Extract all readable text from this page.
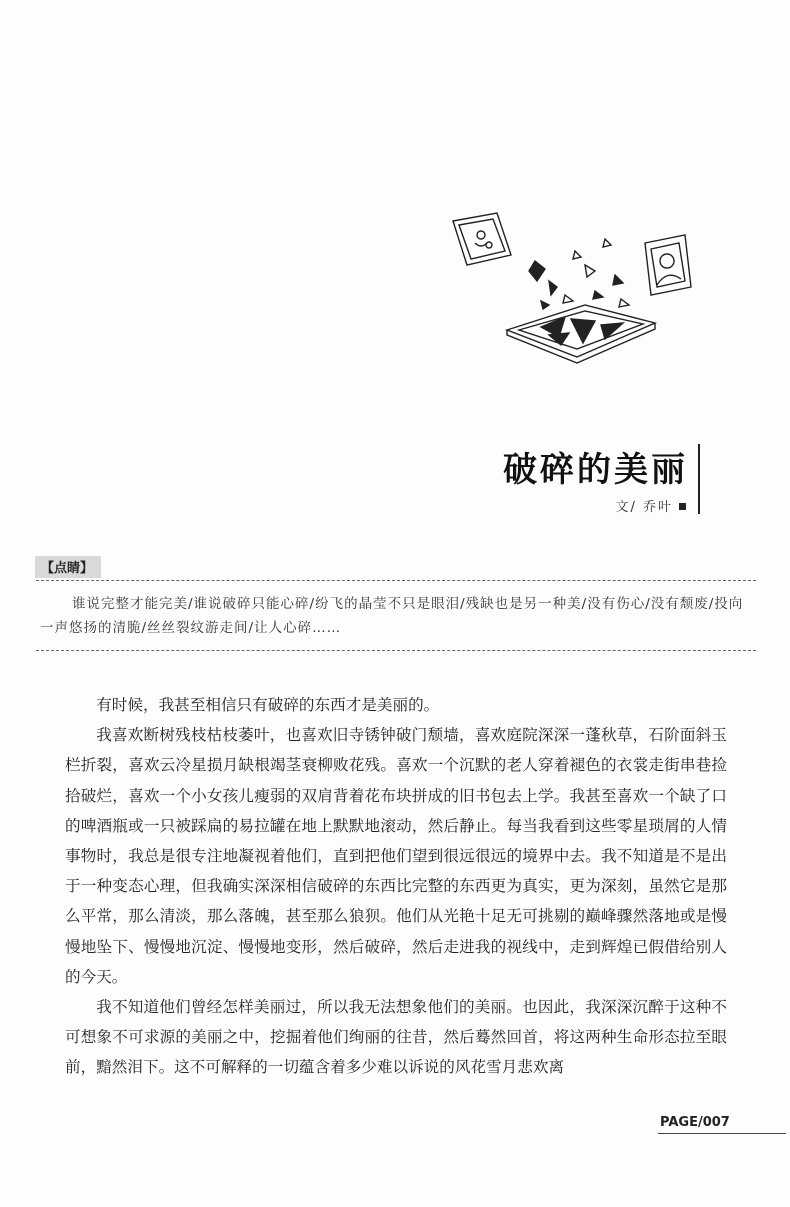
破碎的美丽
文/ 乔叶
【点睛】

谁说完整才能完美/谁说破碎只能心碎/纷飞的晶莹不只是眼泪/残缺也是另一种美/没有伤心/没有颓废/投向一声悠扬的清脆/丝丝裂纹游走间/让人心碎……

有时候，我甚至相信只有破碎的东西才是美丽的。

我喜欢断树残枝枯枝萎叶，也喜欢旧寺锈钟破门颓墙，喜欢庭院深深一蓬秋草，石阶面斜玉栏折裂，喜欢云冷星损月缺根竭茎衰柳败花残。喜欢一个沉默的老人穿着褪色的衣裳走街串巷捡拾破烂，喜欢一个小女孩儿瘦弱的双肩背着花布块拼成的旧书包去上学。我甚至喜欢一个缺了口的啤酒瓶或一只被踩扁的易拉罐在地上默默地滚动，然后静止。每当我看到这些零星琐屑的人情事物时，我总是很专注地凝视着他们，直到把他们望到很远很远的境界中去。我不知道是不是出于一种变态心理，但我确实深深相信破碎的东西比完整的东西更为真实，更为深刻，虽然它是那么平常，那么清淡，那么落魄，甚至那么狼狈。他们从光艳十足无可挑剔的巅峰骤然落地或是慢慢地坠下、慢慢地沉淀、慢慢地变形，然后破碎，然后走进我的视线中，走到辉煌已假借给别人的今天。

我不知道他们曾经怎样美丽过，所以我无法想象他们的美丽。也因此，我深深沉醉于这种不可想象不可求源的美丽之中，挖掘着他们绚丽的往昔，然后蓦然回首，将这两种生命形态拉至眼前，黯然泪下。这不可解释的一切蕴含着多少难以诉说的风花雪月悲欢离

PAGE/007
